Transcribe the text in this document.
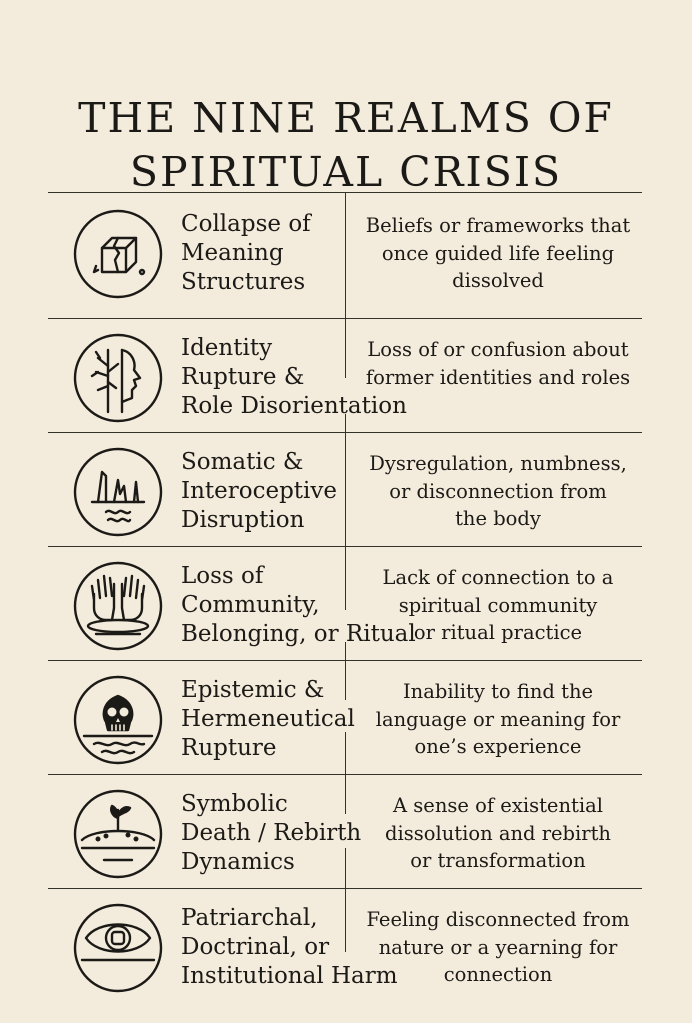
THE NINE REALMS OF
SPIRITUAL CRISIS
Collapse of
Meaning
Structures
Beliefs or frameworks that
once guided life feeling
dissolved
Identity
Rupture &
Role Disorientation
Loss of or confusion about
former identities and roles
Somatic &
Interoceptive
Disruption
Dysregulation, numbness,
or disconnection from
the body
Loss of
Community,
Belonging, or Ritual
Lack of connection to a
spiritual community
or ritual practice
Epistemic &
Hermeneutical
Rupture
Inability to find the
language or meaning for
one’s experience
Symbolic
Death / Rebirth
Dynamics
A sense of existential
dissolution and rebirth
or transformation
Patriarchal,
Doctrinal, or
Institutional Harm
Feeling disconnected from
nature or a yearning for
connection
